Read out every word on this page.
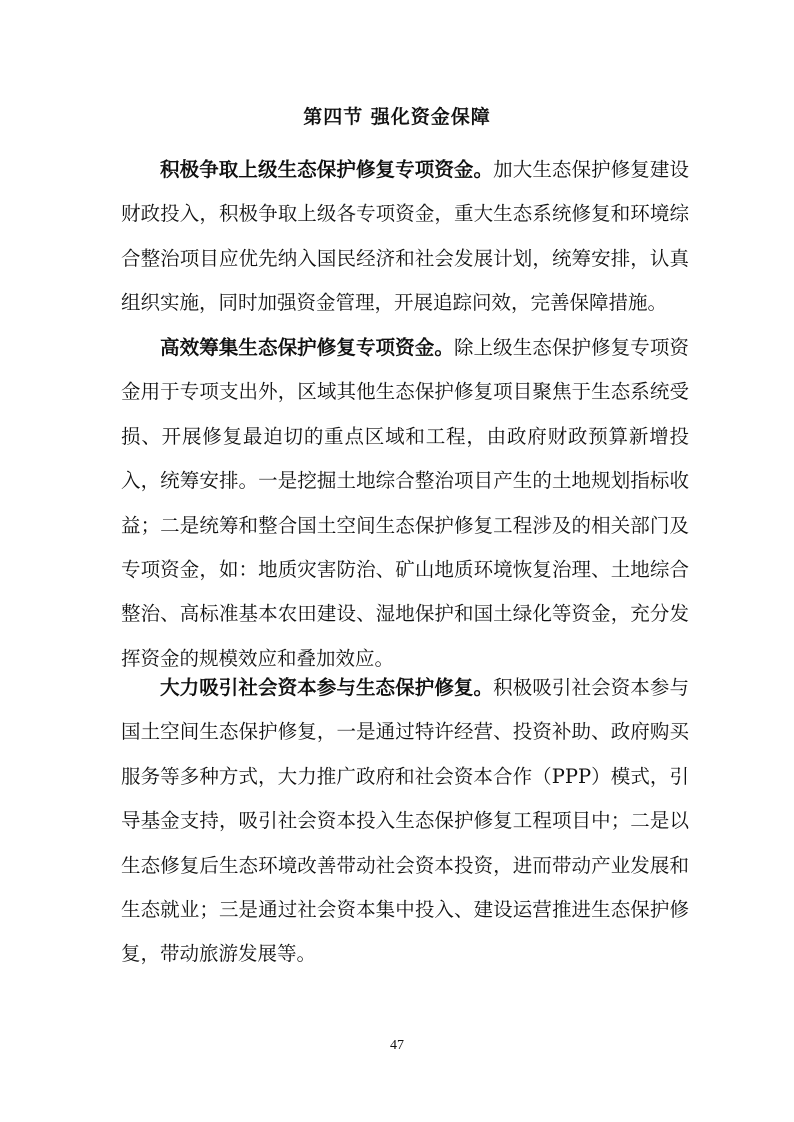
第四节 强化资金保障

积极争取上级生态保护修复专项资金。加大生态保护修复建设财政投入，积极争取上级各专项资金，重大生态系统修复和环境综合整治项目应优先纳入国民经济和社会发展计划，统筹安排，认真组织实施，同时加强资金管理，开展追踪问效，完善保障措施。

高效筹集生态保护修复专项资金。除上级生态保护修复专项资金用于专项支出外，区域其他生态保护修复项目聚焦于生态系统受损、开展修复最迫切的重点区域和工程，由政府财政预算新增投入，统筹安排。一是挖掘土地综合整治项目产生的土地规划指标收益；二是统筹和整合国土空间生态保护修复工程涉及的相关部门及专项资金，如：地质灾害防治、矿山地质环境恢复治理、土地综合整治、高标准基本农田建设、湿地保护和国土绿化等资金，充分发挥资金的规模效应和叠加效应。

大力吸引社会资本参与生态保护修复。积极吸引社会资本参与国土空间生态保护修复，一是通过特许经营、投资补助、政府购买服务等多种方式，大力推广政府和社会资本合作（PPP）模式，引导基金支持，吸引社会资本投入生态保护修复工程项目中；二是以生态修复后生态环境改善带动社会资本投资，进而带动产业发展和生态就业；三是通过社会资本集中投入、建设运营推进生态保护修复，带动旅游发展等。

47
